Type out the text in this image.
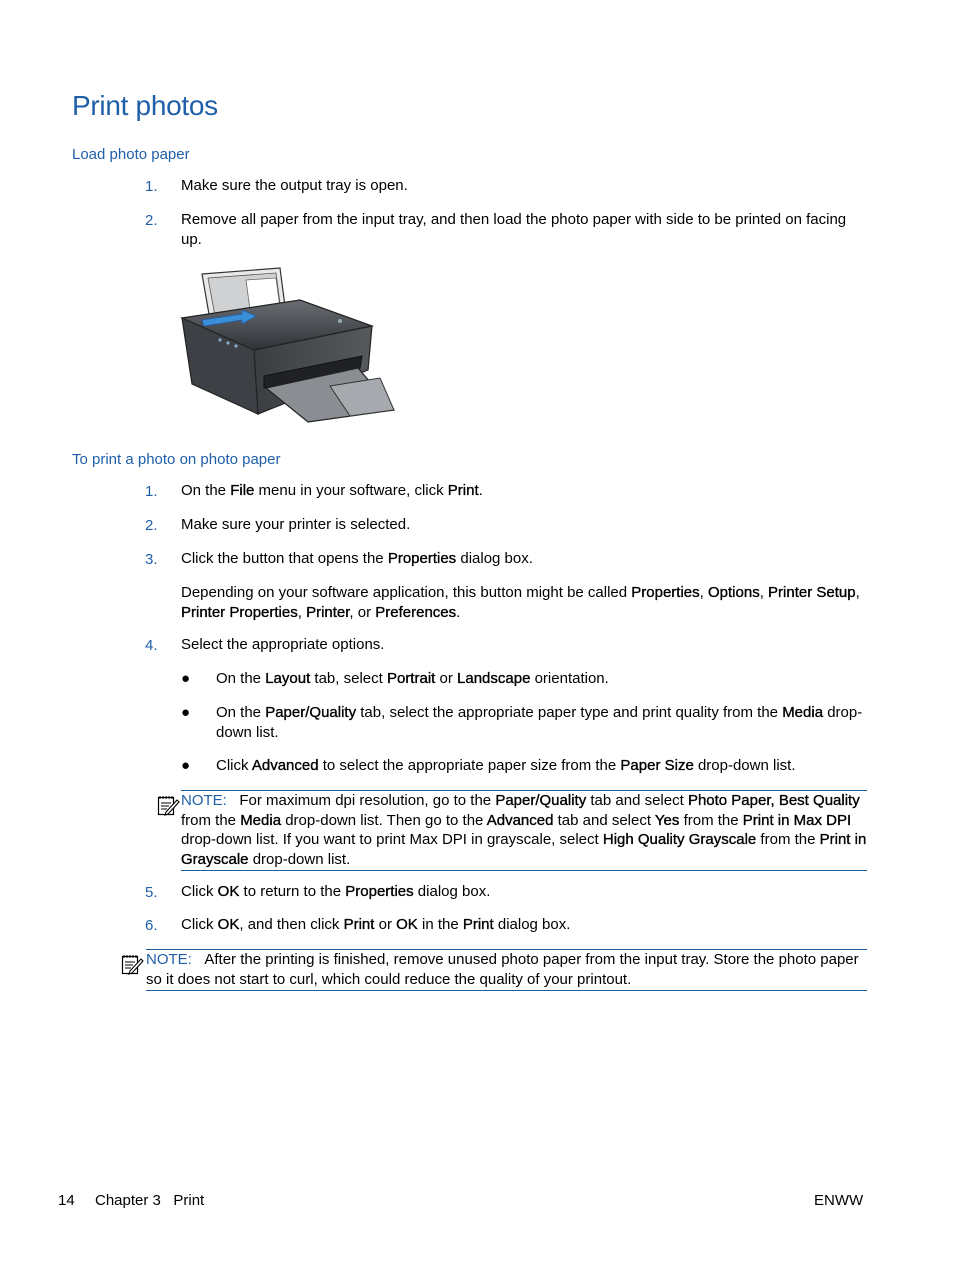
Print photos
Load photo paper
1.	Make sure the output tray is open.
2.	Remove all paper from the input tray, and then load the photo paper with side to be printed on facing up.
To print a photo on photo paper
1.	On the File menu in your software, click Print.
2.	Make sure your printer is selected.
3.	Click the button that opens the Properties dialog box.
Depending on your software application, this button might be called Properties, Options, Printer Setup, Printer Properties, Printer, or Preferences.
4.	Select the appropriate options.
● On the Layout tab, select Portrait or Landscape orientation.
● On the Paper/Quality tab, select the appropriate paper type and print quality from the Media drop-down list.
● Click Advanced to select the appropriate paper size from the Paper Size drop-down list.
NOTE: For maximum dpi resolution, go to the Paper/Quality tab and select Photo Paper, Best Quality from the Media drop-down list. Then go to the Advanced tab and select Yes from the Print in Max DPI drop-down list. If you want to print Max DPI in grayscale, select High Quality Grayscale from the Print in Grayscale drop-down list.
5.	Click OK to return to the Properties dialog box.
6.	Click OK, and then click Print or OK in the Print dialog box.
NOTE: After the printing is finished, remove unused photo paper from the input tray. Store the photo paper so it does not start to curl, which could reduce the quality of your printout.
14 Chapter 3   Print	ENWW
